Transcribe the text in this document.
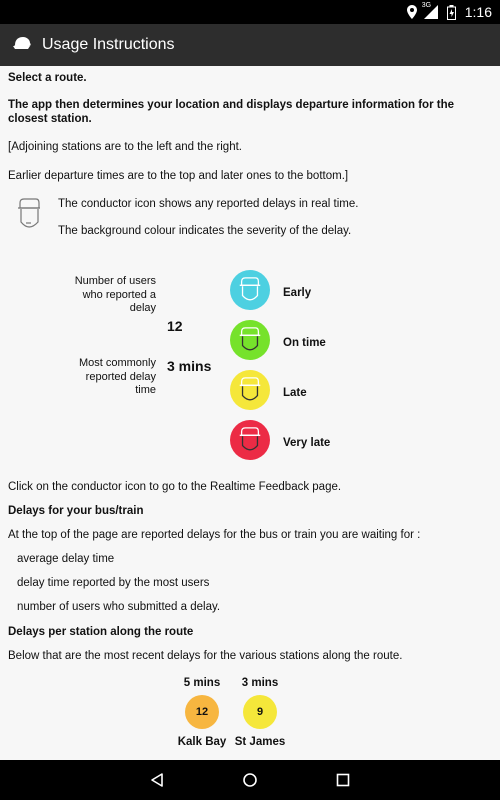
3G 1:16
Usage Instructions

Select a route.

The app then determines your location and displays departure information for the closest station.

[Adjoining stations are to the left and the right.

Earlier departure times are to the top and later ones to the bottom.]

The conductor icon shows any reported delays in real time.

The background colour indicates the severity of the delay.

Number of users who reported a delay
12
Most commonly reported delay time
3 mins
Early
On time
Late
Very late

Click on the conductor icon to go to the Realtime Feedback page.

Delays for your bus/train

At the top of the page are reported delays for the bus or train you are waiting for :

average delay time

delay time reported by the most users

number of users who submitted a delay.

Delays per station along the route

Below that are the most recent delays for the various stations along the route.

5 mins
12
Kalk Bay
3 mins
9
St James
